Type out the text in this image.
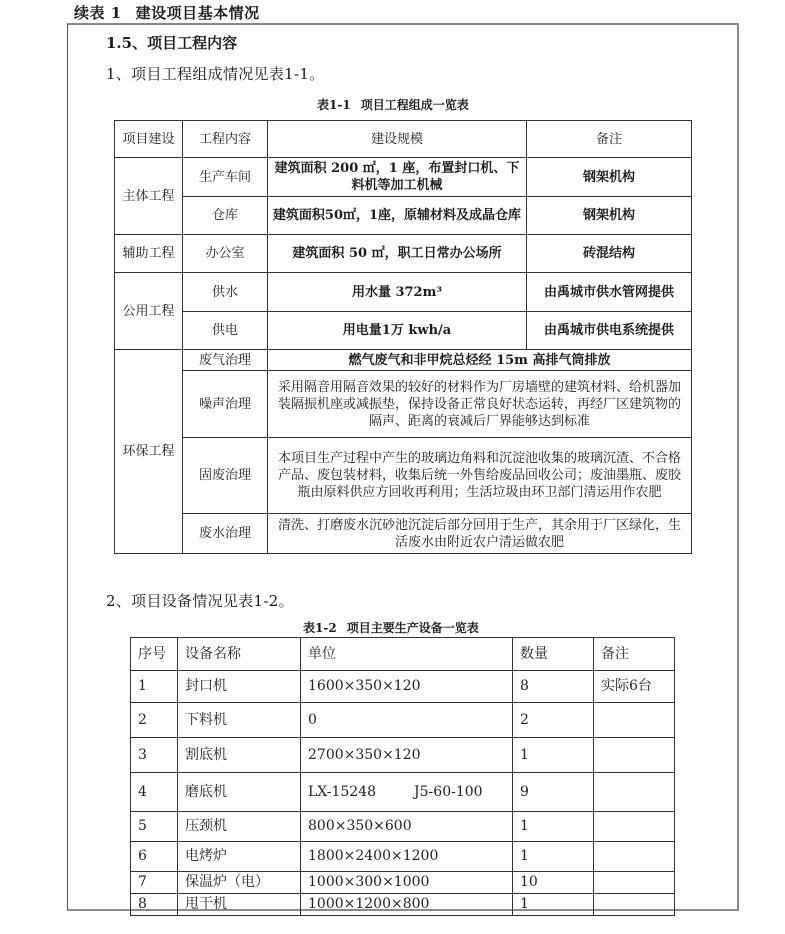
续表 1 建设项目基本情况
1.5、项目工程内容
1、项目工程组成情况见表1-1。
表1-1 项目工程组成一览表
项目建设	工程内容	建设规模	备注
主体工程	生产车间	建筑面积 200 ㎡，1 座，布置封口机、下料机等加工机械	钢架机构
	仓库	建筑面积50㎡，1座，原辅材料及成晶仓库	钢架机构
辅助工程	办公室	建筑面积 50 ㎡，职工日常办公场所	砖混结构
公用工程	供水	用水量 372m³	由禹城市供水管网提供
	供电	用电量1万 kwh/a	由禹城市供电系统提供
环保工程	废气治理	燃气废气和非甲烷总烃经 15m 高排气筒排放	
	噪声治理	采用隔音用隔音效果的较好的材料作为厂房墙壁的建筑材料、给机器加装隔振机座或减振垫，保持设备正常良好状态运转，再经厂区建筑物的隔声、距离的衰减后厂界能够达到标准	
	固废治理	本项目生产过程中产生的玻璃边角料和沉淀池收集的玻璃沉渣、不合格产品、废包装材料，收集后统一外售给废品回收公司；废油墨瓶、废胶瓶由原料供应方回收再利用；生活垃圾由环卫部门清运用作农肥	
	废水治理	清洗、打磨废水沉砂池沉淀后部分回用于生产，其余用于厂区绿化，生活废水由附近农户清运做农肥	
2、项目设备情况见表1-2。
表1-2 项目主要生产设备一览表
序号	设备名称	单位	数量	备注
1	封口机	1600×350×120	8	实际6台
2	下料机	0	2	
3	割底机	2700×350×120	1	
4	磨底机	LX-15248 J5-60-100	9	
5	压颈机	800×350×600	1	
6	电烤炉	1800×2400×1200	1	
7	保温炉（电）	1000×300×1000	10	
8	甩干机	1000×1200×800	1	
